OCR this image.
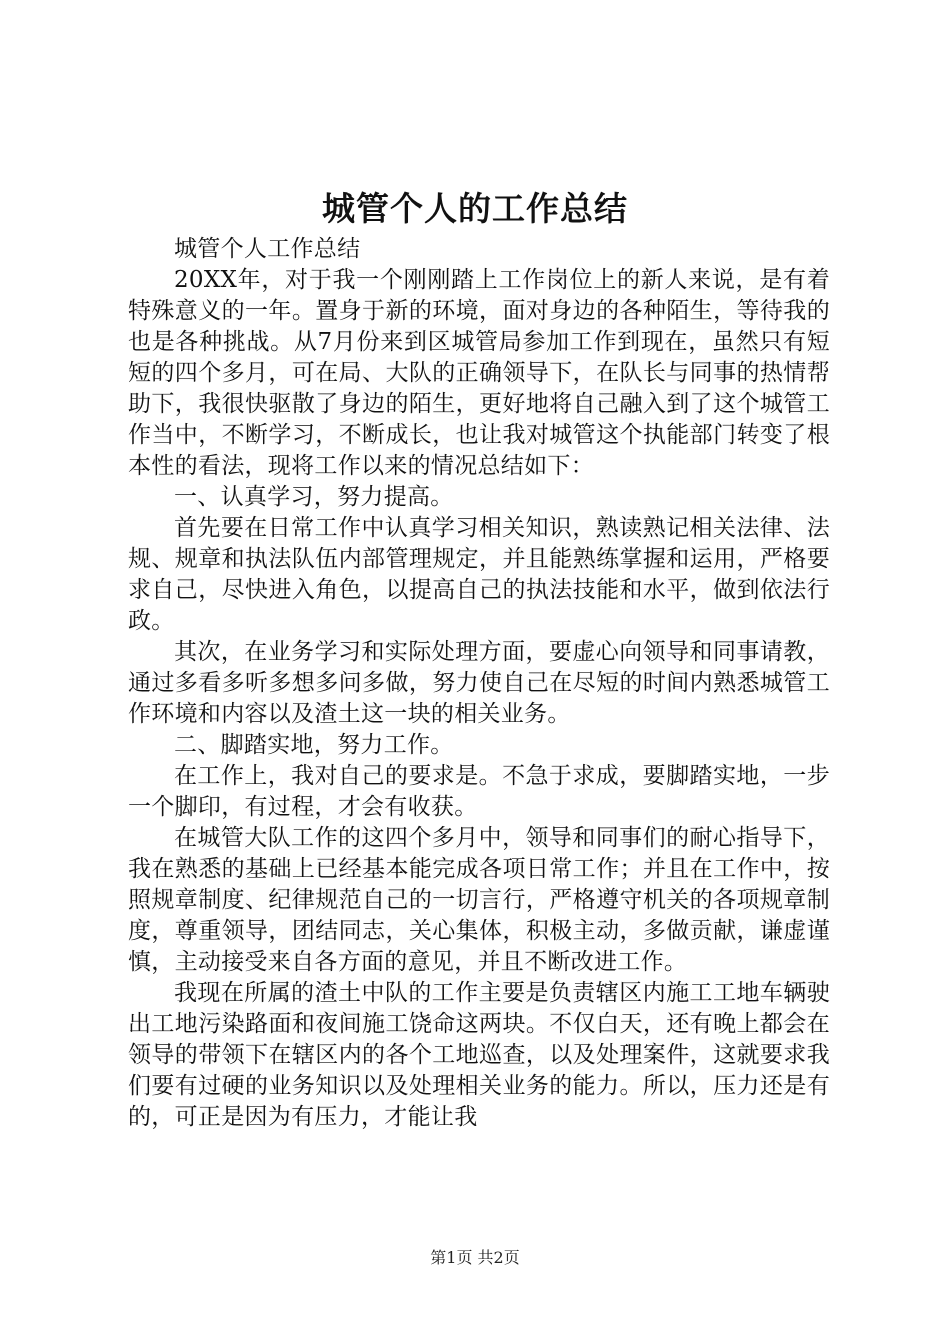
城管个人的工作总结

城管个人工作总结

20XX年，对于我一个刚刚踏上工作岗位上的新人来说，是有着特殊意义的一年。置身于新的环境，面对身边的各种陌生，等待我的也是各种挑战。从7月份来到区城管局参加工作到现在，虽然只有短短的四个多月，可在局、大队的正确领导下，在队长与同事的热情帮助下，我很快驱散了身边的陌生，更好地将自己融入到了这个城管工作当中，不断学习，不断成长，也让我对城管这个执能部门转变了根本性的看法，现将工作以来的情况总结如下：

一、认真学习，努力提高。

首先要在日常工作中认真学习相关知识，熟读熟记相关法律、法规、规章和执法队伍内部管理规定，并且能熟练掌握和运用，严格要求自己，尽快进入角色，以提高自己的执法技能和水平，做到依法行政。

其次，在业务学习和实际处理方面，要虚心向领导和同事请教，通过多看多听多想多问多做，努力使自己在尽短的时间内熟悉城管工作环境和内容以及渣土这一块的相关业务。

二、脚踏实地，努力工作。

在工作上，我对自己的要求是。不急于求成，要脚踏实地，一步一个脚印，有过程，才会有收获。

在城管大队工作的这四个多月中，领导和同事们的耐心指导下，我在熟悉的基础上已经基本能完成各项日常工作；并且在工作中，按照规章制度、纪律规范自己的一切言行，严格遵守机关的各项规章制度，尊重领导，团结同志，关心集体，积极主动，多做贡献，谦虚谨慎，主动接受来自各方面的意见，并且不断改进工作。

我现在所属的渣土中队的工作主要是负责辖区内施工工地车辆驶出工地污染路面和夜间施工饶命这两块。不仅白天，还有晚上都会在领导的带领下在辖区内的各个工地巡查，以及处理案件，这就要求我们要有过硬的业务知识以及处理相关业务的能力。所以，压力还是有的，可正是因为有压力，才能让我

第1页 共2页
